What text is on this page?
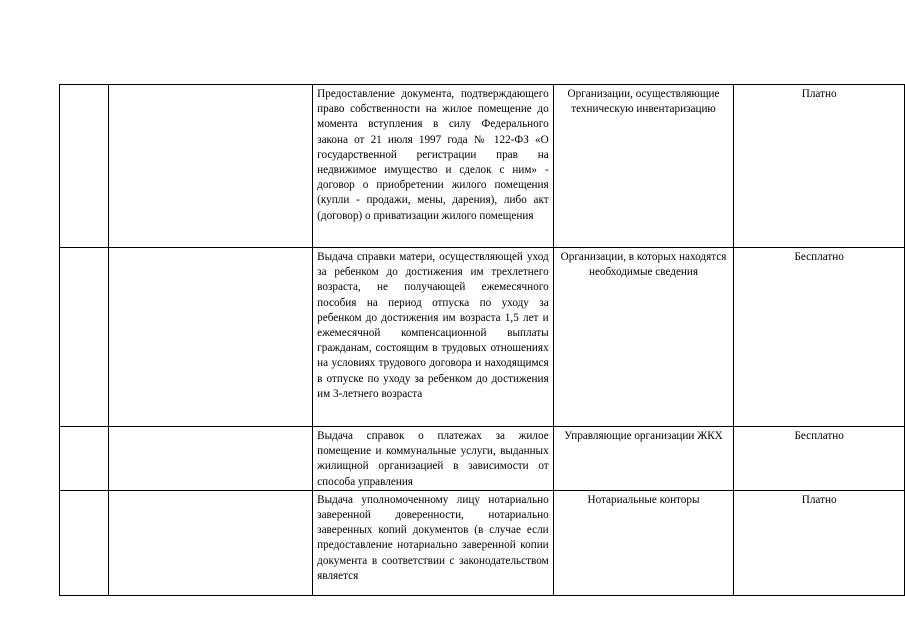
		Предоставление документа, подтверждающего право собственности на жилое помещение до момента вступления в силу Федерального закона от 21 июля 1997 года № 122-ФЗ «О государственной регистрации прав на недвижимое имущество и сделок с ним» - договор о приобретении жилого помещения (купли - продажи, мены, дарения), либо акт (договор) о приватизации жилого помещения	Организации, осуществляющие техническую инвентаризацию	Платно
		Выдача справки матери, осуществляющей уход за ребенком до достижения им трехлетнего возраста, не получающей ежемесячного пособия на период отпуска по уходу за ребенком до достижения им возраста 1,5 лет и ежемесячной компенсационной выплаты гражданам, состоящим в трудовых отношениях на условиях трудового договора и находящимся в отпуске по уходу за ребенком до достижения им 3-летнего возраста	Организации, в которых находятся необходимые сведения	Бесплатно
		Выдача справок о платежах за жилое помещение и коммунальные услуги, выданных жилищной организацией в зависимости от способа управления	Управляющие организации ЖКХ	Бесплатно
		Выдача уполномоченному лицу нотариально заверенной доверенности, нотариально заверенных копий документов (в случае если предоставление нотариально заверенной копии документа в соответствии с законодательством является	Нотариальные конторы	Платно
